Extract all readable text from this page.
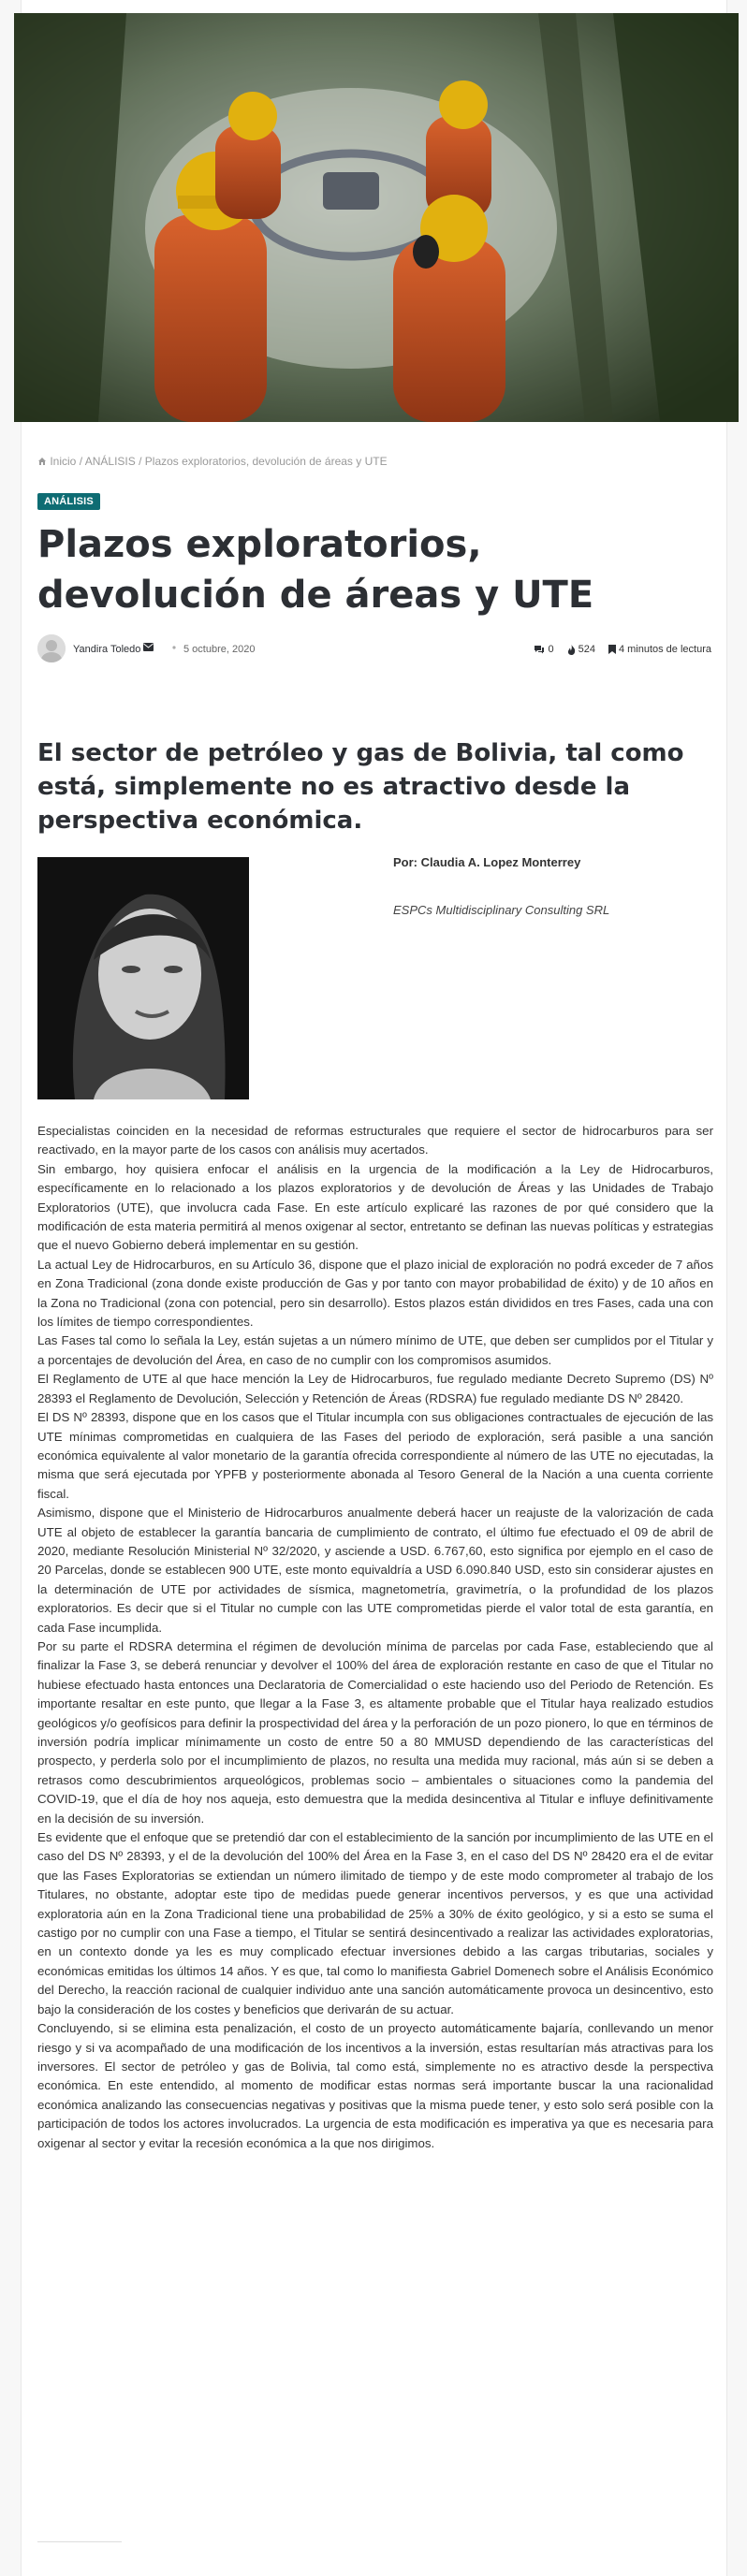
Inicio / ANÁLISIS / Plazos exploratorios, devolución de áreas y UTE
ANÁLISIS
Plazos exploratorios, devolución de áreas y UTE
Yandira Toledo	5 octubre, 2020	0 524 4 minutos de lectura
El sector de petróleo y gas de Bolivia, tal como está, simplemente no es atractivo desde la perspectiva económica.
Por: Claudia A. Lopez Monterrey
ESPCs Multidisciplinary Consulting SRL

Especialistas coinciden en la necesidad de reformas estructurales que requiere el sector de hidrocarburos para ser reactivado, en la mayor parte de los casos con análisis muy acertados.

Sin embargo, hoy quisiera enfocar el análisis en la urgencia de la modificación a la Ley de Hidrocarburos, específicamente en lo relacionado a los plazos exploratorios y de devolución de Áreas y las Unidades de Trabajo Exploratorios (UTE), que involucra cada Fase. En este artículo explicaré las razones de por qué considero que la modificación de esta materia permitirá al menos oxigenar al sector, entretanto se definan las nuevas políticas y estrategias que el nuevo Gobierno deberá implementar en su gestión.

La actual Ley de Hidrocarburos, en su Artículo 36, dispone que el plazo inicial de exploración no podrá exceder de 7 años en Zona Tradicional (zona donde existe producción de Gas y por tanto con mayor probabilidad de éxito) y de 10 años en la Zona no Tradicional (zona con potencial, pero sin desarrollo). Estos plazos están divididos en tres Fases, cada una con los límites de tiempo correspondientes.

Las Fases tal como lo señala la Ley, están sujetas a un número mínimo de UTE, que deben ser cumplidos por el Titular y a porcentajes de devolución del Área, en caso de no cumplir con los compromisos asumidos.

El Reglamento de UTE al que hace mención la Ley de Hidrocarburos, fue regulado mediante Decreto Supremo (DS) Nº 28393 el Reglamento de Devolución, Selección y Retención de Áreas (RDSRA) fue regulado mediante DS Nº 28420.

El DS Nº 28393, dispone que en los casos que el Titular incumpla con sus obligaciones contractuales de ejecución de las UTE mínimas comprometidas en cualquiera de las Fases del periodo de exploración, será pasible a una sanción económica equivalente al valor monetario de la garantía ofrecida correspondiente al número de las UTE no ejecutadas, la misma que será ejecutada por YPFB y posteriormente abonada al Tesoro General de la Nación a una cuenta corriente fiscal.

Asimismo, dispone que el Ministerio de Hidrocarburos anualmente deberá hacer un reajuste de la valorización de cada UTE al objeto de establecer la garantía bancaria de cumplimiento de contrato, el último fue efectuado el 09 de abril de 2020, mediante Resolución Ministerial Nº 32/2020, y asciende a USD. 6.767,60, esto significa por ejemplo en el caso de 20 Parcelas, donde se establecen 900 UTE, este monto equivaldría a USD 6.090.840 USD, esto sin considerar ajustes en la determinación de UTE por actividades de sísmica, magnetometría, gravimetría, o la profundidad de los plazos exploratorios. Es decir que si el Titular no cumple con las UTE comprometidas pierde el valor total de esta garantía, en cada Fase incumplida.

Por su parte el RDSRA determina el régimen de devolución mínima de parcelas por cada Fase, estableciendo que al finalizar la Fase 3, se deberá renunciar y devolver el 100% del área de exploración restante en caso de que el Titular no hubiese efectuado hasta entonces una Declaratoria de Comercialidad o este haciendo uso del Periodo de Retención. Es importante resaltar en este punto, que llegar a la Fase 3, es altamente probable que el Titular haya realizado estudios geológicos y/o geofísicos para definir la prospectividad del área y la perforación de un pozo pionero, lo que en términos de inversión podría implicar mínimamente un costo de entre 50 a 80 MMUSD dependiendo de las características del prospecto, y perderla solo por el incumplimiento de plazos, no resulta una medida muy racional, más aún si se deben a retrasos como descubrimientos arqueológicos, problemas socio – ambientales o situaciones como la pandemia del COVID-19, que el día de hoy nos aqueja, esto demuestra que la medida desincentiva al Titular e influye definitivamente en la decisión de su inversión.

Es evidente que el enfoque que se pretendió dar con el establecimiento de la sanción por incumplimiento de las UTE en el caso del DS Nº 28393, y el de la devolución del 100% del Área en la Fase 3, en el caso del DS Nº 28420 era el de evitar que las Fases Exploratorias se extiendan un número ilimitado de tiempo y de este modo comprometer al trabajo de los Titulares, no obstante, adoptar este tipo de medidas puede generar incentivos perversos, y es que una actividad exploratoria aún en la Zona Tradicional tiene una probabilidad de 25% a 30% de éxito geológico, y si a esto se suma el castigo por no cumplir con una Fase a tiempo, el Titular se sentirá desincentivado a realizar las actividades exploratorias, en un contexto donde ya les es muy complicado efectuar inversiones debido a las cargas tributarias, sociales y económicas emitidas los últimos 14 años. Y es que, tal como lo manifiesta Gabriel Domenech sobre el Análisis Económico del Derecho, la reacción racional de cualquier individuo ante una sanción automáticamente provoca un desincentivo, esto bajo la consideración de los costes y beneficios que derivarán de su actuar.

Concluyendo, si se elimina esta penalización, el costo de un proyecto automáticamente bajaría, conllevando un menor riesgo y si va acompañado de una modificación de los incentivos a la inversión, estas resultarían más atractivas para los inversores. El sector de petróleo y gas de Bolivia, tal como está, simplemente no es atractivo desde la perspectiva económica. En este entendido, al momento de modificar estas normas será importante buscar la una racionalidad económica analizando las consecuencias negativas y positivas que la misma puede tener, y esto solo será posible con la participación de todos los actores involucrados. La urgencia de esta modificación es imperativa ya que es necesaria para oxigenar al sector y evitar la recesión económica a la que nos dirigimos.
